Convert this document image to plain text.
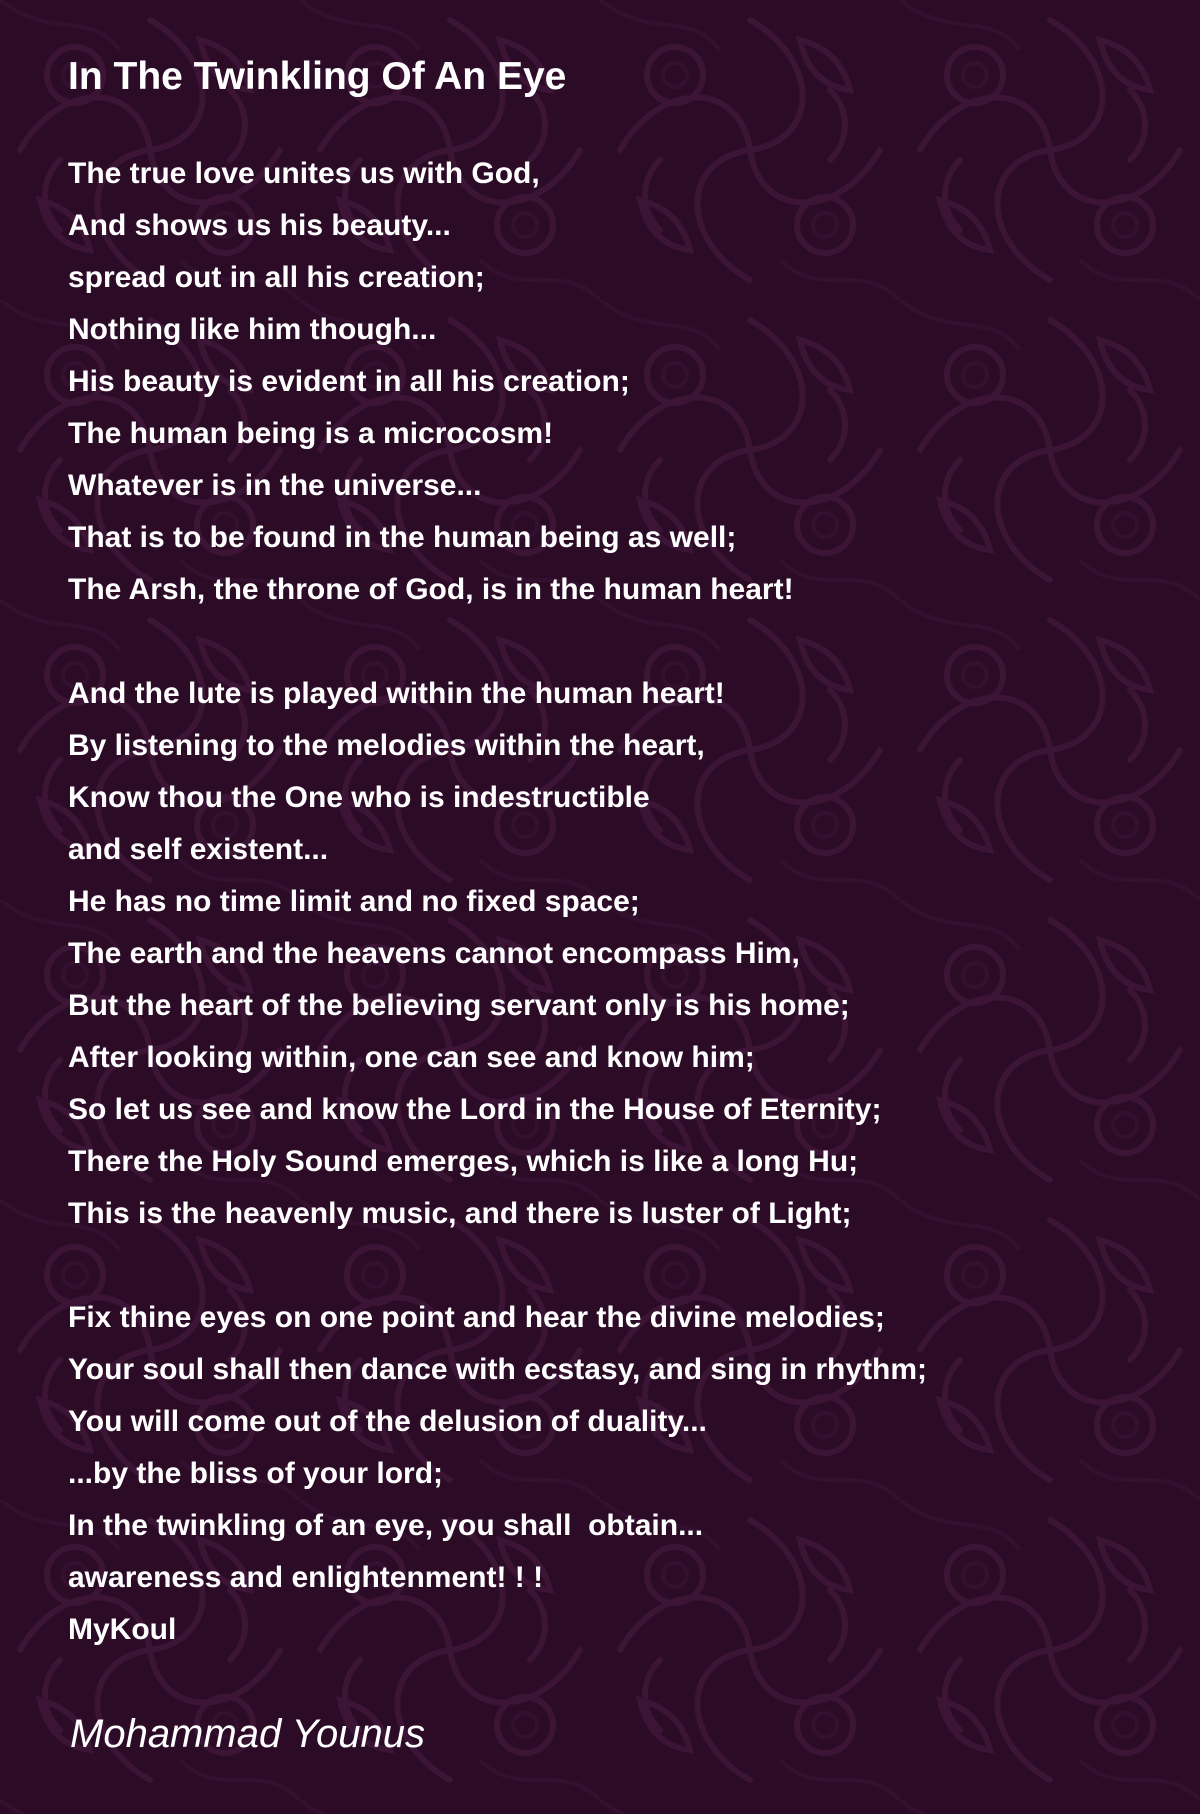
In The Twinkling Of An Eye
The true love unites us with God,
And shows us his beauty...
spread out in all his creation;
Nothing like him though...
His beauty is evident in all his creation;
The human being is a microcosm!
Whatever is in the universe...
That is to be found in the human being as well;
The Arsh, the throne of God, is in the human heart!
And the lute is played within the human heart!
By listening to the melodies within the heart,
Know thou the One who is indestructible
and self existent...
He has no time limit and no fixed space;
The earth and the heavens cannot encompass Him,
But the heart of the believing servant only is his home;
After looking within, one can see and know him;
So let us see and know the Lord in the House of Eternity;
There the Holy Sound emerges, which is like a long Hu;
This is the heavenly music, and there is luster of Light;
Fix thine eyes on one point and hear the divine melodies;
Your soul shall then dance with ecstasy, and sing in rhythm;
You will come out of the delusion of duality...
...by the bliss of your lord;
In the twinkling of an eye, you shall  obtain...
awareness and enlightenment! ! !
MyKoul
Mohammad Younus
